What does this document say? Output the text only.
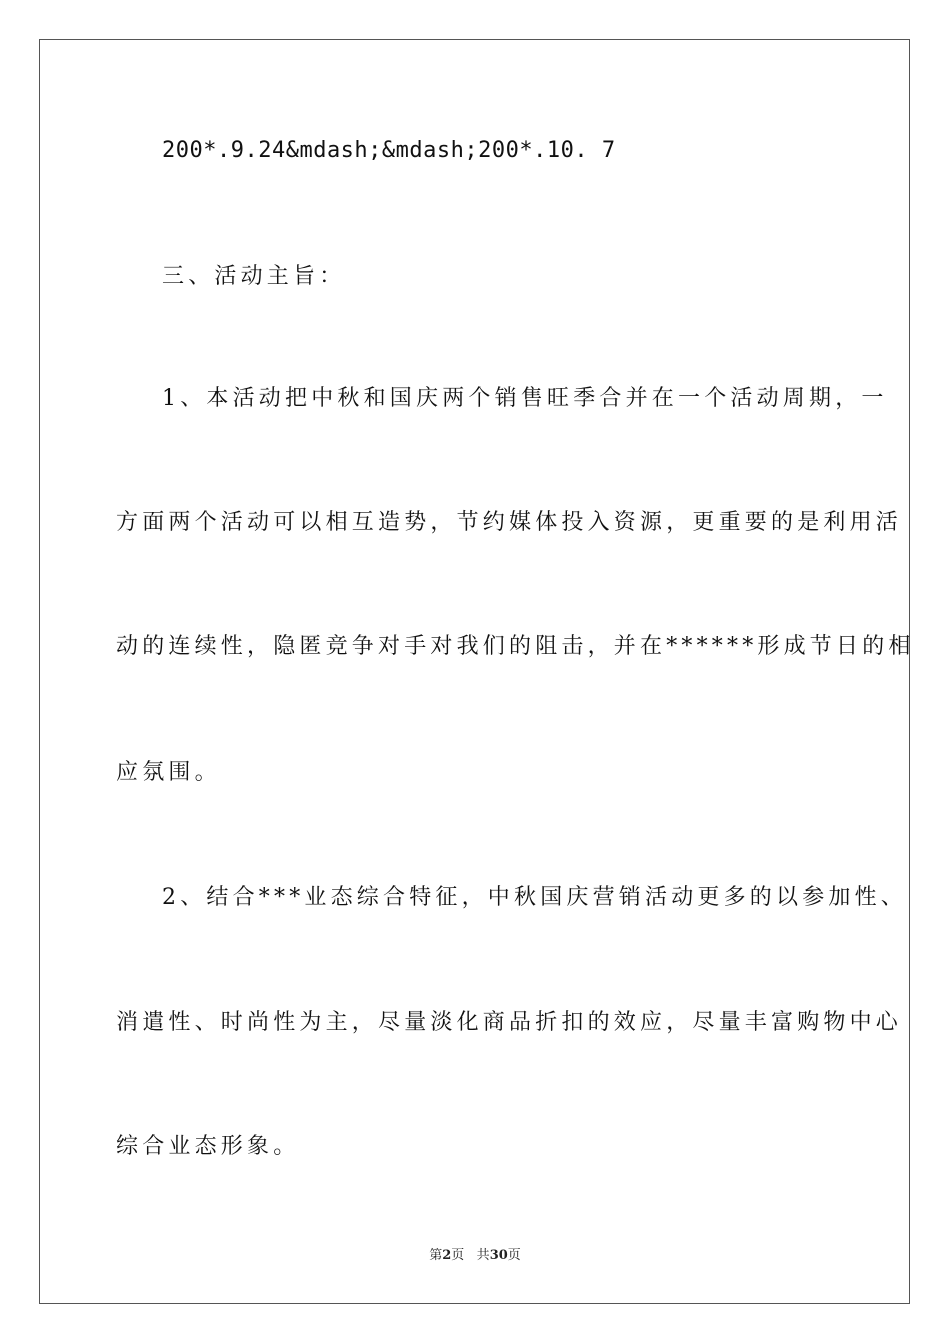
200*.9.24&mdash;&mdash;200*.10. 7
三、活动主旨：
1、本活动把中秋和国庆两个销售旺季合并在一个活动周期，一
方面两个活动可以相互造势，节约媒体投入资源，更重要的是利用活
动的连续性，隐匿竞争对手对我们的阻击，并在******形成节日的相
应氛围。
2、结合***业态综合特征，中秋国庆营销活动更多的以参加性、
消遣性、时尚性为主，尽量淡化商品折扣的效应，尽量丰富购物中心
综合业态形象。
第2页 共30页
